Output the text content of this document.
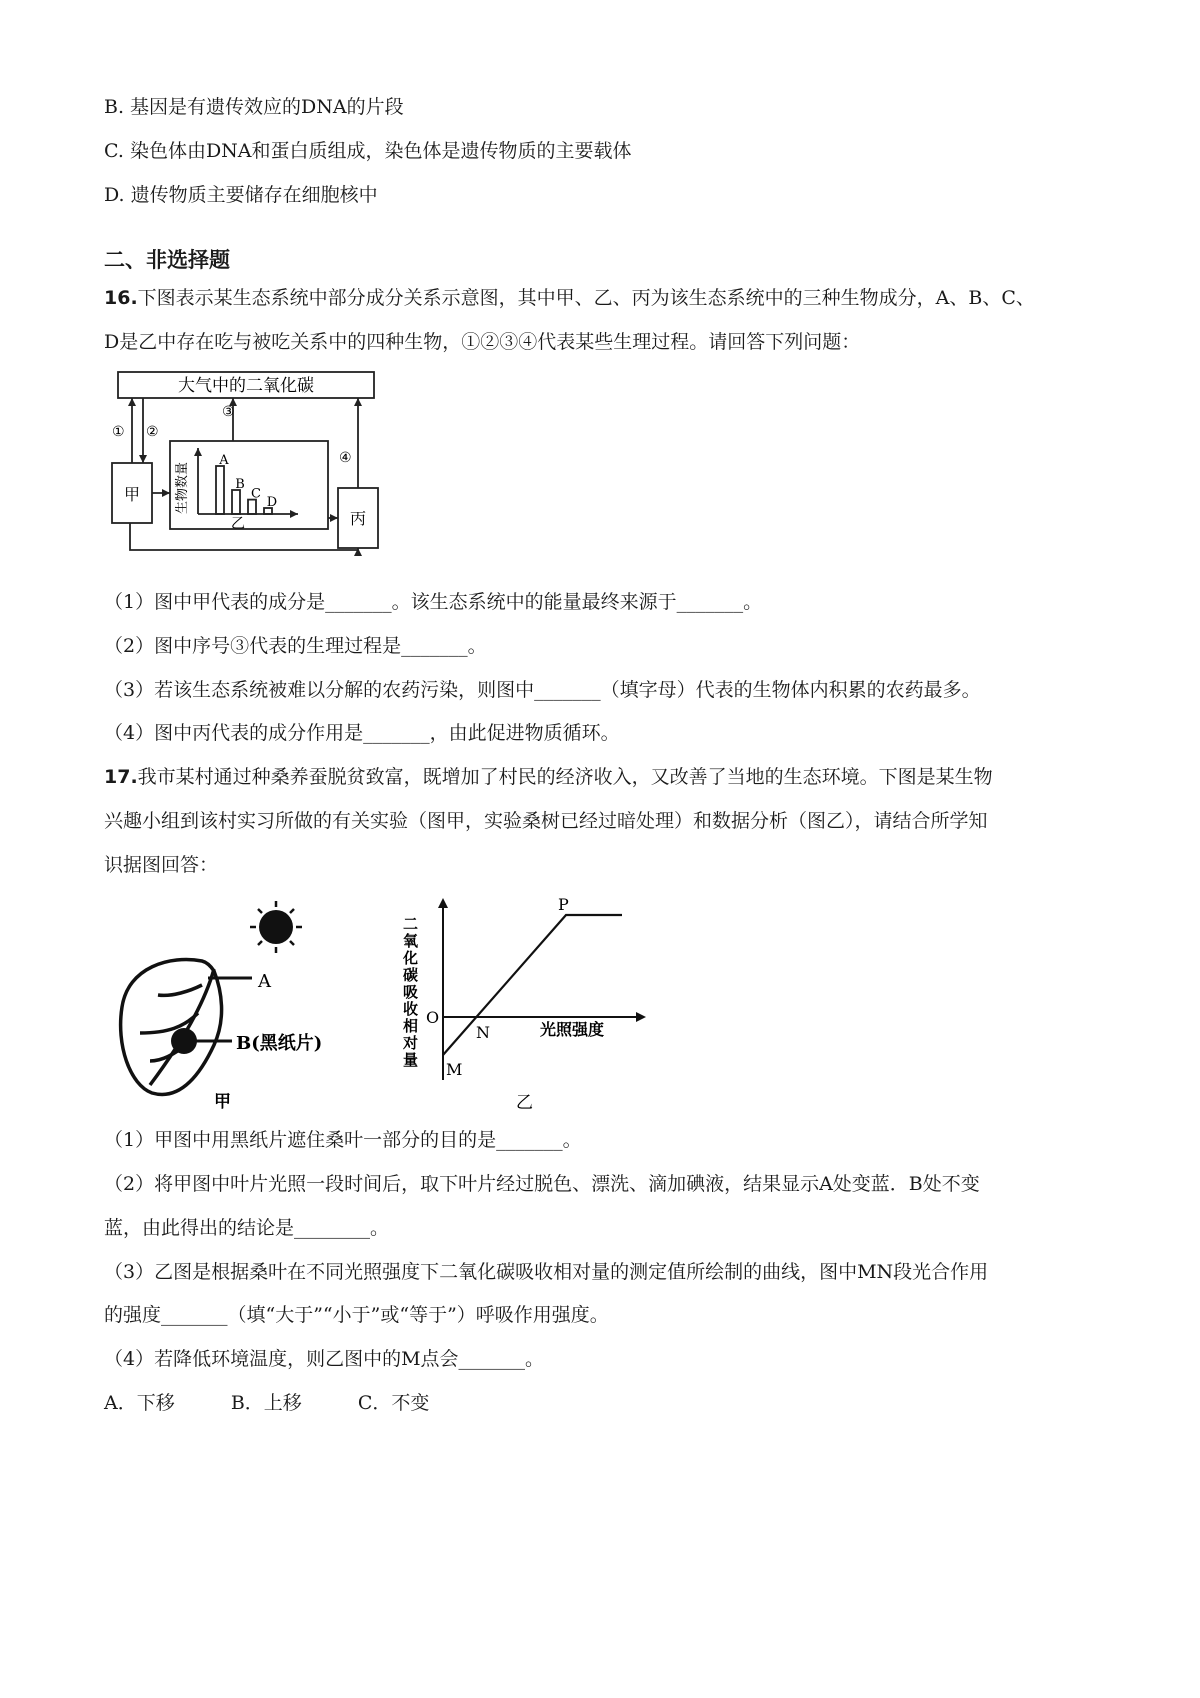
B. 基因是有遗传效应的DNA的片段
C. 染色体由DNA和蛋白质组成，染色体是遗传物质的主要载体
D. 遗传物质主要储存在细胞核中
二、非选择题
16.下图表示某生态系统中部分成分关系示意图，其中甲、乙、丙为该生态系统中的三种生物成分，A、B、C、
D是乙中存在吃与被吃关系中的四种生物，①②③④代表某些生理过程。请回答下列问题：
大气中的二氧化碳
① ②
③
④
甲
丙
生物数量
乙
A
B
C
D
（1）图中甲代表的成分是_______。该生态系统中的能量最终来源于_______。
（2）图中序号③代表的生理过程是_______。
（3）若该生态系统被难以分解的农药污染，则图中_______（填字母）代表的生物体内积累的农药最多。
（4）图中丙代表的成分作用是_______，由此促进物质循环。
17.我市某村通过种桑养蚕脱贫致富，既增加了村民的经济收入，又改善了当地的生态环境。下图是某生物
兴趣小组到该村实习所做的有关实验（图甲，实验桑树已经过暗处理）和数据分析（图乙），请结合所学知
识据图回答：
A
B(黑纸片)
甲
二氧化碳吸收相对量 O
M
N
P
光照强度
乙
（1）甲图中用黑纸片遮住桑叶一部分的目的是_______。
（2）将甲图中叶片光照一段时间后，取下叶片经过脱色、漂洗、滴加碘液，结果显示A处变蓝．B处不变
蓝，由此得出的结论是________。
（3）乙图是根据桑叶在不同光照强度下二氧化碳吸收相对量的测定值所绘制的曲线，图中MN段光合作用
的强度_______（填“大于”“小于”或“等于”）呼吸作用强度。
（4）若降低环境温度，则乙图中的M点会_______。
A．下移	B．上移	C．不变
